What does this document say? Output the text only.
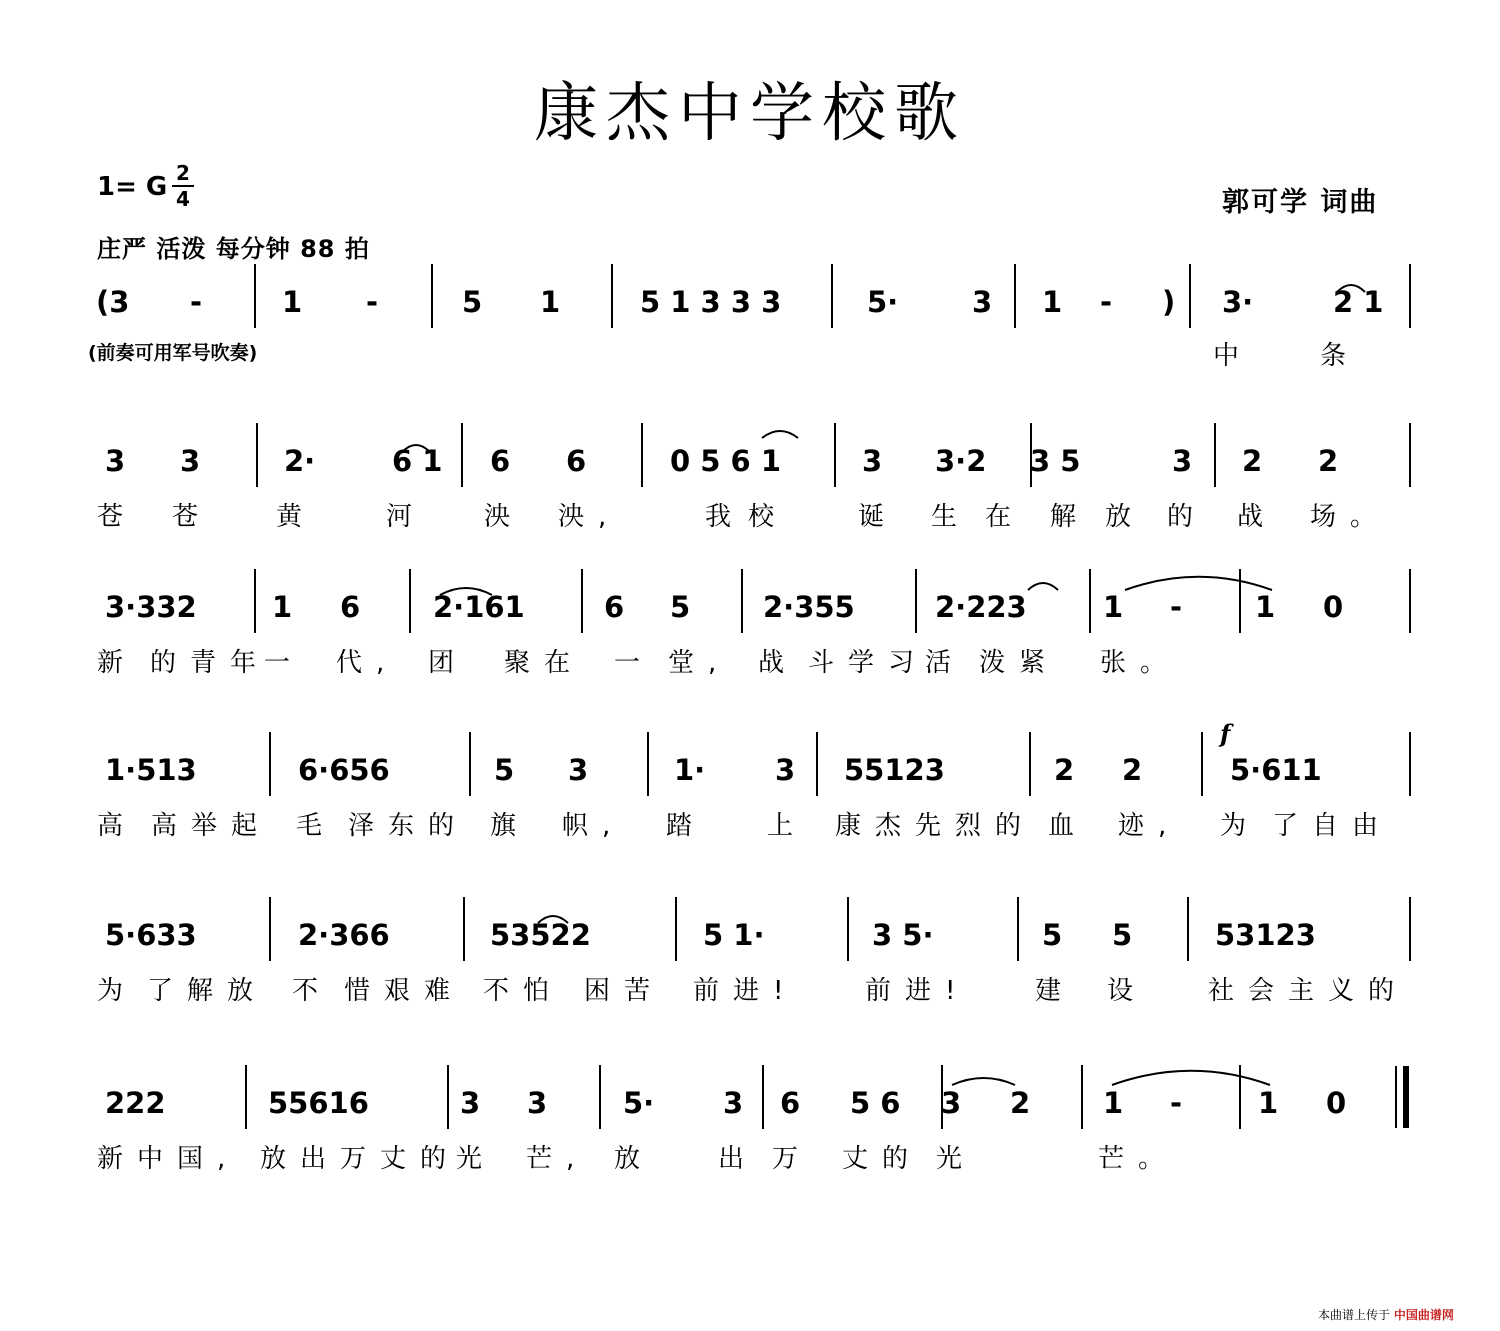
康杰中学校歌
1= G 2
4	郭可学 词曲
庄严 活泼 每分钟 88 拍
(前奏可用军号吹奏)
本曲谱上传于 中国曲谱网
(3 -	1 -	5 1	5 1 3 3 3	5·	3 1 - ) 3·	2 1
中	条
3 3	2·	6 1 6 6	0 5 6 1	3 3·2 3 5	3 2 2
苍 苍 黄	河 泱 泱,	我 校	诞 生 在 解 放 的 战 场。
3·332	1 6	2·161	6 5	2·355	2·223	1 -	1 0
新 的青年
一 代, 团 聚在 一 堂, 战 斗学习
活 泼紧 张。
1·513	6·656	5 3	1· 3 55123	2 2	5·611
高 高举起 毛 泽东的 旗 帜, 踏 上 康杰先烈的 血 迹, 为 了自由
5·633	2·366	53522	5 1·	3 5·	5 5	53123
为 了解放 不 惜艰难 不怕 困苦 前进!	前进!	建 设 社会主义的
222	55616	3 3	5· 3 6 5 6 3 2	1 -	1 0
新中国, 放出万丈的
光 芒, 放 出 万 丈的 光	芒。
f
